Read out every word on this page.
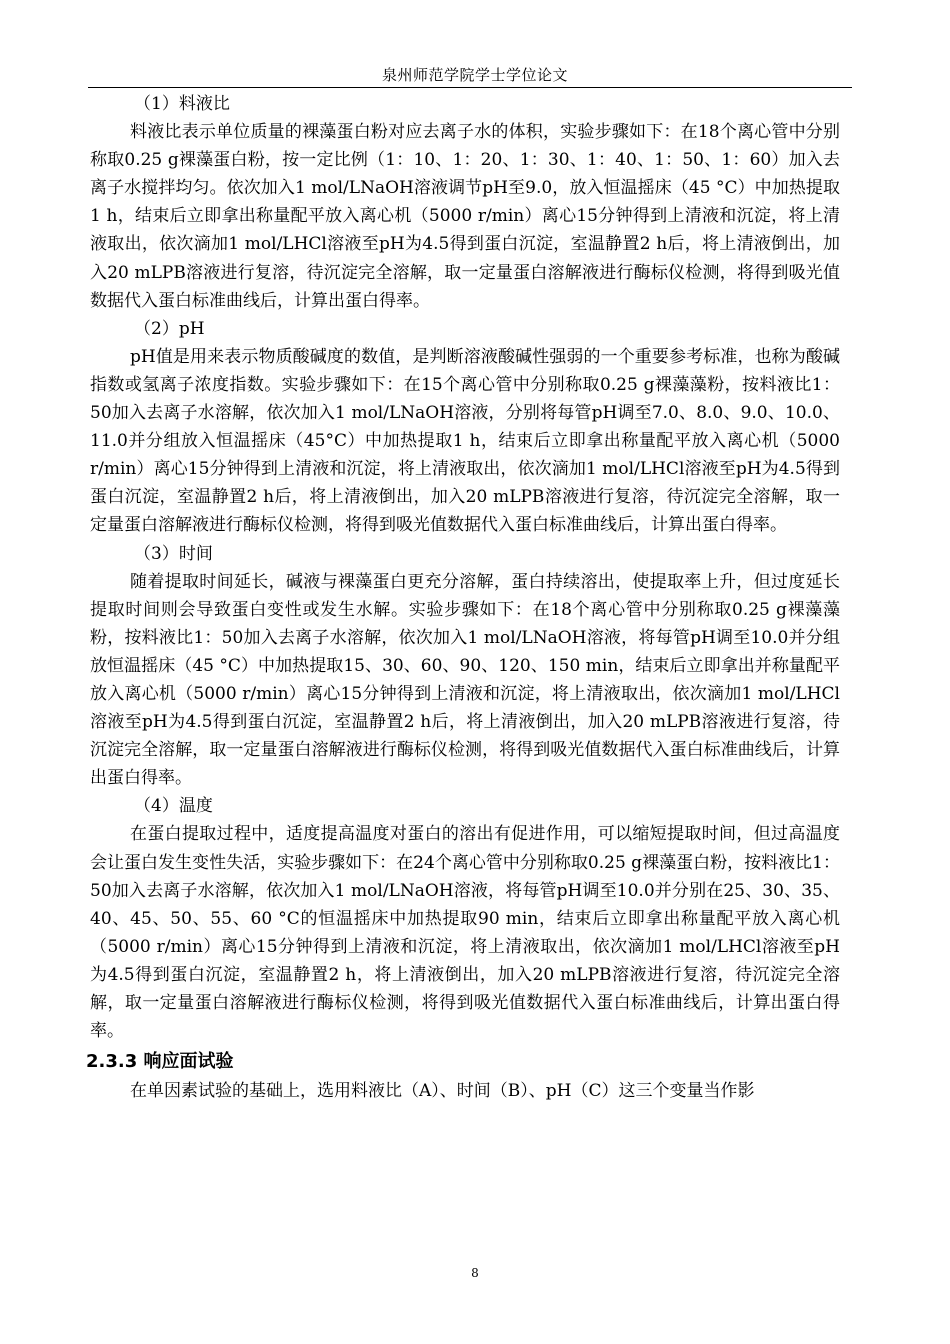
泉州师范学院学士学位论文

（1）料液比

料液比表示单位质量的裸藻蛋白粉对应去离子水的体积，实验步骤如下：在18个离心管中分别称取0.25 g裸藻蛋白粉，按一定比例（1：10、1：20、1：30、1：40、1：50、1：60）加入去离子水搅拌均匀。依次加入1 mol/LNaOH溶液调节pH至9.0，放入恒温摇床（45 °C）中加热提取1 h，结束后立即拿出称量配平放入离心机（5000 r/min）离心15分钟得到上清液和沉淀，将上清液取出，依次滴加1 mol/LHCl溶液至pH为4.5得到蛋白沉淀，室温静置2 h后，将上清液倒出，加入20 mLPB溶液进行复溶，待沉淀完全溶解，取一定量蛋白溶解液进行酶标仪检测，将得到吸光值数据代入蛋白标准曲线后，计算出蛋白得率。

（2）pH

pH值是用来表示物质酸碱度的数值，是判断溶液酸碱性强弱的一个重要参考标准，也称为酸碱指数或氢离子浓度指数。实验步骤如下：在15个离心管中分别称取0.25 g裸藻藻粉，按料液比1：50加入去离子水溶解，依次加入1 mol/LNaOH溶液，分别将每管pH调至7.0、8.0、9.0、10.0、11.0并分组放入恒温摇床（45°C）中加热提取1 h，结束后立即拿出称量配平放入离心机（5000 r/min）离心15分钟得到上清液和沉淀，将上清液取出，依次滴加1 mol/LHCl溶液至pH为4.5得到蛋白沉淀，室温静置2 h后，将上清液倒出，加入20 mLPB溶液进行复溶，待沉淀完全溶解，取一定量蛋白溶解液进行酶标仪检测，将得到吸光值数据代入蛋白标准曲线后，计算出蛋白得率。

（3）时间

随着提取时间延长，碱液与裸藻蛋白更充分溶解，蛋白持续溶出，使提取率上升，但过度延长提取时间则会导致蛋白变性或发生水解。实验步骤如下：在18个离心管中分别称取0.25 g裸藻藻粉，按料液比1：50加入去离子水溶解，依次加入1 mol/LNaOH溶液，将每管pH调至10.0并分组放恒温摇床（45 °C）中加热提取15、30、60、90、120、150 min，结束后立即拿出并称量配平放入离心机（5000 r/min）离心15分钟得到上清液和沉淀，将上清液取出，依次滴加1 mol/LHCl溶液至pH为4.5得到蛋白沉淀，室温静置2 h后，将上清液倒出，加入20 mLPB溶液进行复溶，待沉淀完全溶解，取一定量蛋白溶解液进行酶标仪检测，将得到吸光值数据代入蛋白标准曲线后，计算出蛋白得率。

（4）温度

在蛋白提取过程中，适度提高温度对蛋白的溶出有促进作用，可以缩短提取时间，但过高温度会让蛋白发生变性失活，实验步骤如下：在24个离心管中分别称取0.25 g裸藻蛋白粉，按料液比1：50加入去离子水溶解，依次加入1 mol/LNaOH溶液，将每管pH调至10.0并分别在25、30、35、40、45、50、55、60 °C的恒温摇床中加热提取90 min，结束后立即拿出称量配平放入离心机（5000 r/min）离心15分钟得到上清液和沉淀，将上清液取出，依次滴加1 mol/LHCl溶液至pH为4.5得到蛋白沉淀，室温静置2 h，将上清液倒出，加入20 mLPB溶液进行复溶，待沉淀完全溶解，取一定量蛋白溶解液进行酶标仪检测，将得到吸光值数据代入蛋白标准曲线后，计算出蛋白得率。

2.3.3 响应面试验

在单因素试验的基础上，选用料液比（A）、时间（B）、pH（C）这三个变量当作影

8
